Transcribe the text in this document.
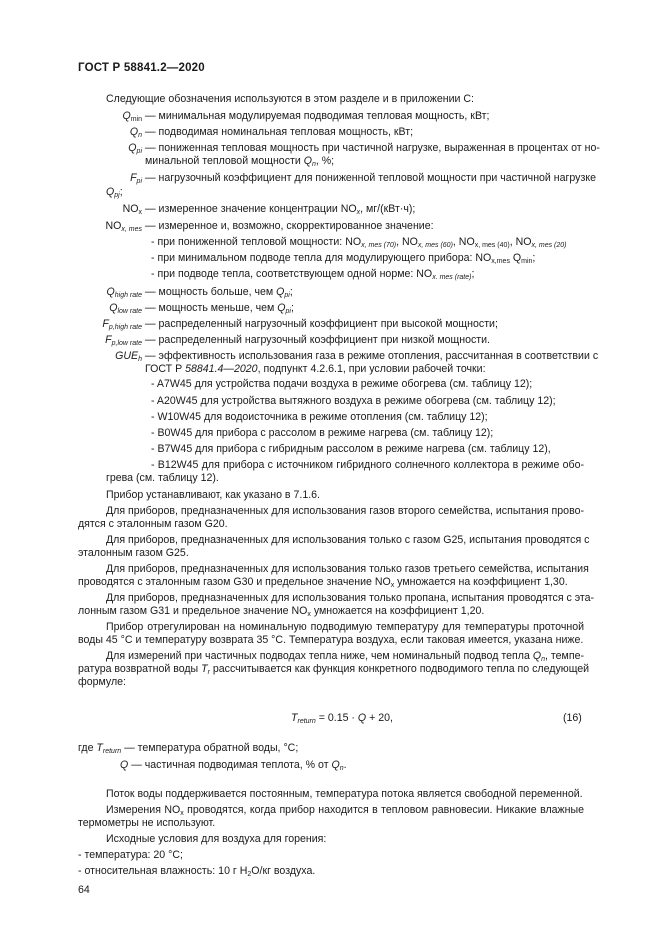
ГОСТ Р 58841.2—2020
Следующие обозначения используются в этом разделе и в приложении С:
$Q_{min}$ — минимальная модулируемая подводимая тепловая мощность, кВт;
$Q_n$ — подводимая номинальная тепловая мощность, кВт;
$Q_{pi}$ — пониженная тепловая мощность при частичной нагрузке, выраженная в процентах от но-
минальной тепловой мощности $Q_n$, %;
$F_{pi}$ — нагрузочный коэффициент для пониженной тепловой мощности при частичной нагрузке
$Q_{pj}$;
$NO_x$ — измеренное значение концентрации $NO_x$, мг/(кВт·ч);
$NO_{x, mes}$ — измеренное и, возможно, скорректированное значение:
- при пониженной тепловой мощности: $NO_{x, mes (70)}$, $NO_{x, mes (60)}$, $NO_{x, mes (40)}$, $NO_{x, mes (20)}$
- при минимальном подводе тепла для модулирующего прибора: $NO_{x,mes}$ $Q_{min}$;
- при подводе тепла, соответствующем одной норме: $NO_{x. mes (rate)}$;
$Q_{high rate}$ — мощность больше, чем $Q_{pi}$;
$Q_{low rate}$ — мощность меньше, чем $Q_{pi}$;
$F_{p,high rate}$ — распределенный нагрузочный коэффициент при высокой мощности;
$F_{p,low rate}$ — распределенный нагрузочный коэффициент при низкой мощности.
$GUE_h$ — эффективность использования газа в режиме отопления, рассчитанная в соответствии с
ГОСТ Р 58841.4—2020, подпункт 4.2.6.1, при условии рабочей точки:
- A7W45 для устройства подачи воздуха в режиме обогрева (см. таблицу 12);
- A20W45 для устройства вытяжного воздуха в режиме обогрева (см. таблицу 12);
- W10W45 для водоисточника в режиме отопления (см. таблицу 12);
- B0W45 для прибора с рассолом в режиме нагрева (см. таблицу 12);
- B7W45 для прибора с гибридным рассолом в режиме нагрева (см. таблицу 12),
- B12W45 для прибора с источником гибридного солнечного коллектора в режиме обо-
грева (см. таблицу 12).
Прибор устанавливают, как указано в 7.1.6.
Для приборов, предназначенных для использования газов второго семейства, испытания прово-
дятся с эталонным газом G20.
Для приборов, предназначенных для использования только с газом G25, испытания проводятся с
эталонным газом G25.
Для приборов, предназначенных для использования только газов третьего семейства, испытания
проводятся с эталонным газом G30 и предельное значение $NO_x$ умножается на коэффициент 1,30.
Для приборов, предназначенных для использования только пропана, испытания проводятся с эта-
лонным газом G31 и предельное значение $NO_x$ умножается на коэффициент 1,20.
Прибор отрегулирован на номинальную подводимую температуру для температуры проточной
воды 45 °С и температуру возврата 35 °С. Температура воздуха, если таковая имеется, указана ниже.
Для измерений при частичных подводах тепла ниже, чем номинальный подвод тепла $Q_n$, темпе-
ратура возвратной воды $T_r$ рассчитывается как функция конкретного подводимого тепла по следующей
формуле:
$T_{return} = 0.15 \cdot Q + 20$,	(16)
где $T_{return}$ — температура обратной воды, °С;
Q — частичная подводимая теплота, % от $Q_n$.
Поток воды поддерживается постоянным, температура потока является свободной переменной.
Измерения $NO_x$ проводятся, когда прибор находится в тепловом равновесии. Никакие влажные
термометры не используют.
Исходные условия для воздуха для горения:
- температура: 20 °С;
- относительная влажность: 10 г $H_2O/кг$ воздуха.
64
